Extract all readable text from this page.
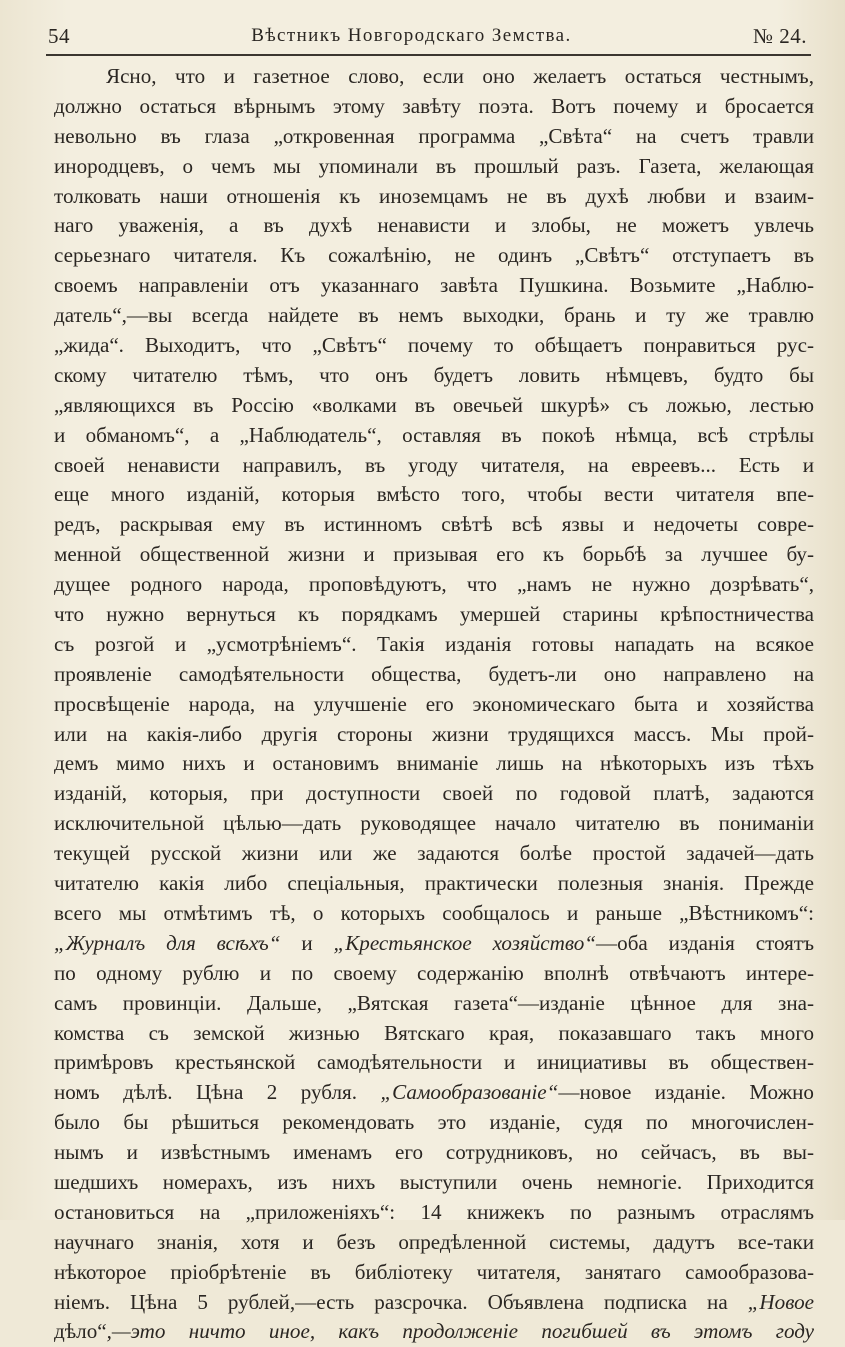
54	Вѣстникъ Новгородскаго Земства.	№ 24.
Ясно, что и газетное слово, если оно желаетъ остаться честнымъ,
должно остаться вѣрнымъ этому завѣту поэта. Вотъ почему и бросается
невольно въ глаза „откровенная программа „Свѣта“ на счетъ травли
инородцевъ, о чемъ мы упоминали въ прошлый разъ. Газета, желающая
толковать наши отношенія къ иноземцамъ не въ духѣ любви и взаим-
наго уваженія, а въ духѣ ненависти и злобы, не можетъ увлечь
серьезнаго читателя. Къ сожалѣнію, не одинъ „Свѣтъ“ отступаетъ въ
своемъ направленіи отъ указаннаго завѣта Пушкина. Возьмите „Наблю-
датель“,—вы всегда найдете въ немъ выходки, брань и ту же травлю
„жида“. Выходитъ, что „Свѣтъ“ почему то обѣщаетъ понравиться рус-
скому читателю тѣмъ, что онъ будетъ ловить нѣмцевъ, будто бы
„являющихся въ Россію «волками въ овечьей шкурѣ» съ ложью, лестью
и обманомъ“, а „Наблюдатель“, оставляя въ покоѣ нѣмца, всѣ стрѣлы
своей ненависти направилъ, въ угоду читателя, на евреевъ... Есть и
еще много изданій, которыя вмѣсто того, чтобы вести читателя впе-
редъ, раскрывая ему въ истинномъ свѣтѣ всѣ язвы и недочеты совре-
менной общественной жизни и призывая его къ борьбѣ за лучшее бу-
дущее родного народа, проповѣдуютъ, что „намъ не нужно дозрѣвать“,
что нужно вернуться къ порядкамъ умершей старины крѣпостничества
съ розгой и „усмотрѣніемъ“. Такія изданія готовы нападать на всякое
проявленіе самодѣятельности общества, будетъ-ли оно направлено на
просвѣщеніе народа, на улучшеніе его экономическаго быта и хозяйства
или на какія-либо другія стороны жизни трудящихся массъ. Мы прой-
демъ мимо нихъ и остановимъ вниманіе лишь на нѣкоторыхъ изъ тѣхъ
изданій, которыя, при доступности своей по годовой платѣ, задаются
исключительной цѣлью—дать руководящее начало читателю въ пониманіи
текущей русской жизни или же задаются болѣе простой задачей—дать
читателю какія либо спеціальныя, практически полезныя знанія. Прежде
всего мы отмѣтимъ тѣ, о которыхъ сообщалось и раньше „Вѣстникомъ“:
„Журналъ для всѣхъ“ и „Крестьянское хозяйство“—оба изданія стоятъ
по одному рублю и по своему содержанію вполнѣ отвѣчаютъ интере-
самъ провинціи. Дальше, „Вятская газета“—изданіе цѣнное для зна-
комства съ земской жизнью Вятскаго края, показавшаго такъ много
примѣровъ крестьянской самодѣятельности и инициативы въ обществен-
номъ дѣлѣ. Цѣна 2 рубля. „Самообразованіе“—новое изданіе. Можно
было бы рѣшиться рекомендовать это изданіе, судя по многочислен-
нымъ и извѣстнымъ именамъ его сотрудниковъ, но сейчасъ, въ вы-
шедшихъ номерахъ, изъ нихъ выступили очень немногіе. Приходится
остановиться на „приложеніяхъ“: 14 книжекъ по разнымъ отраслямъ
научнаго знанія, хотя и безъ опредѣленной системы, дадутъ все-таки
нѣкоторое пріобрѣтеніе въ библіотеку читателя, занятаго самообразова-
ніемъ. Цѣна 5 рублей,—есть разсрочка. Объявлена подписка на „Новое
дѣло“,—это ничто иное, какъ продолженіе погибшей въ этомъ году
